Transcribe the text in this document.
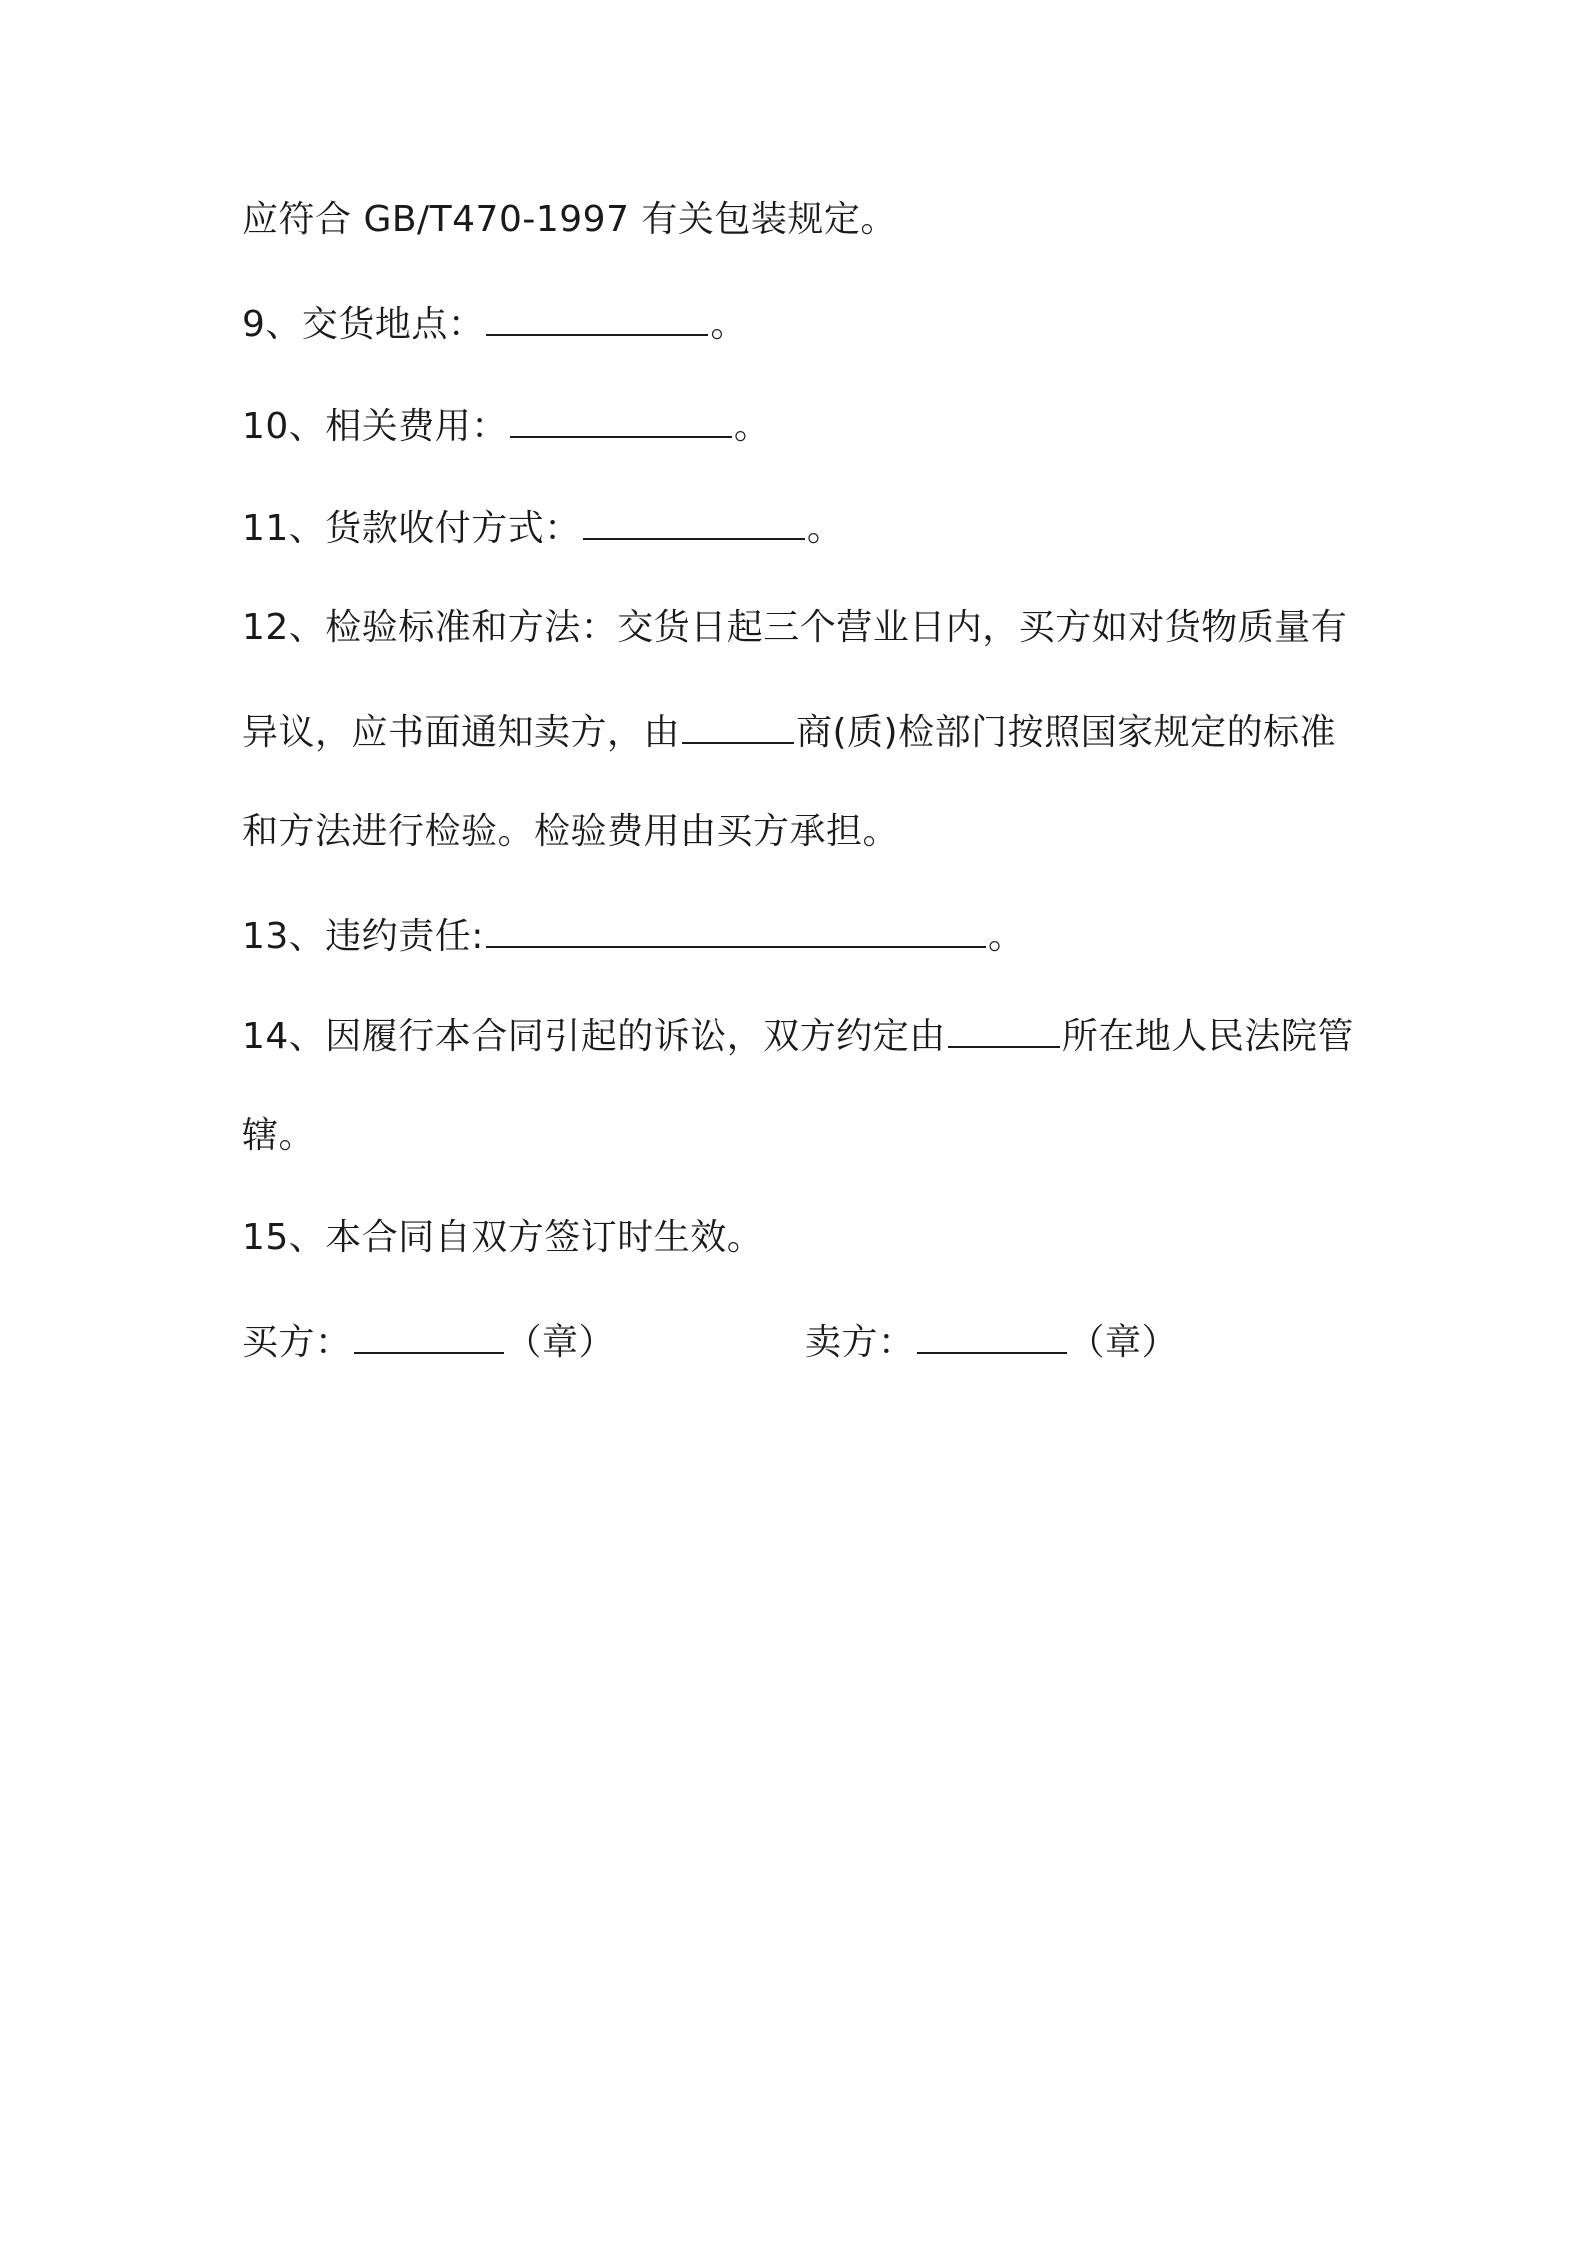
应符合 GB/T470-1997 有关包装规定。
9、交货地点：	。
10、相关费用：	。
11、货款收付方式：	。
12、检验标准和方法：交货日起三个营业日内，买方如对货物质量有
异议，应书面通知卖方，由	商(质)检部门按照国家规定的标准
和方法进行检验。检验费用由买方承担。
13、违约责任:	。
14、因履行本合同引起的诉讼，双方约定由	所在地人民法院管
辖。
15、本合同自双方签订时生效。
买方：	（章）	卖方：	（章）
